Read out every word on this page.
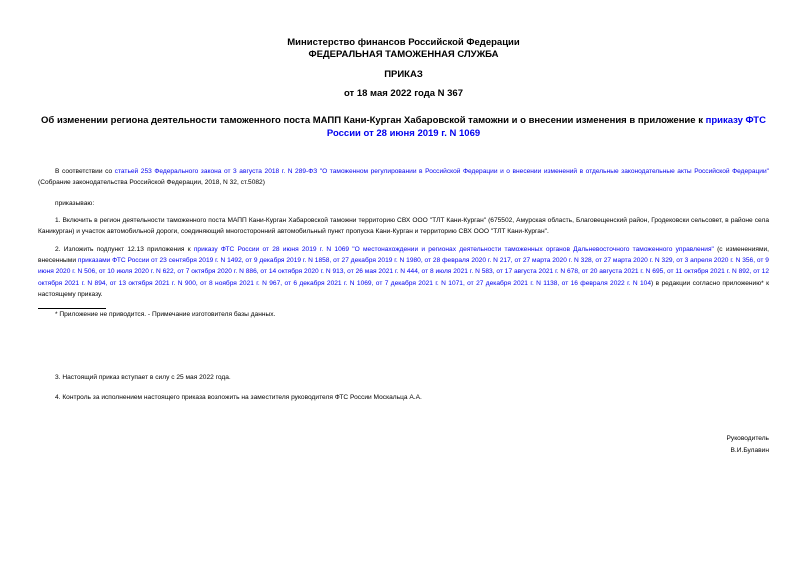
Министерство финансов Российской Федерации
ФЕДЕРАЛЬНАЯ ТАМОЖЕННАЯ СЛУЖБА
ПРИКАЗ
от 18 мая 2022 года N 367
Об изменении региона деятельности таможенного поста МАПП Кани-Курган Хабаровской таможни и о внесении изменения в приложение к приказу ФТС России от 28 июня 2019 г. N 1069
В соответствии со статьей 253 Федерального закона от 3 августа 2018 г. N 289-ФЗ "О таможенном регулировании в Российской Федерации и о внесении изменений в отдельные законодательные акты Российской Федерации" (Собрание законодательства Российской Федерации, 2018, N 32, ст.5082)
приказываю:
1. Включить в регион деятельности таможенного поста МАПП Кани-Курган Хабаровской таможни территорию СВХ ООО "ТЛТ Кани-Курган" (675502, Амурская область, Благовещенский район, Гродековски сельсовет, в районе села Каникурган) и участок автомобильной дороги, соединяющий многосторонний автомобильный пункт пропуска Кани-Курган и территорию СВХ ООО "ТЛТ Кани-Курган".
2. Изложить подпункт 12.13 приложения к приказу ФТС России от 28 июня 2019 г. N 1069 "О местонахождении и регионах деятельности таможенных органов Дальневосточного таможенного управления" (с изменениями, внесенными приказами ФТС России от 23 сентября 2019 г. N 1492, от 9 декабря 2019 г. N 1858, от 27 декабря 2019 г. N 1980, от 28 февраля 2020 г. N 217, от 27 марта 2020 г. N 328, от 27 марта 2020 г. N 329, от 3 апреля 2020 г. N 356, от 9 июня 2020 г. N 506, от 10 июля 2020 г. N 622, от 7 октября 2020 г. N 886, от 14 октября 2020 г. N 913, от 26 мая 2021 г. N 444, от 8 июля 2021 г. N 583, от 17 августа 2021 г. N 678, от 20 августа 2021 г. N 695, от 11 октября 2021 г. N 892, от 12 октября 2021 г. N 894, от 13 октября 2021 г. N 900, от 8 ноября 2021 г. N 967, от 6 декабря 2021 г. N 1069, от 7 декабря 2021 г. N 1071, от 27 декабря 2021 г. N 1138, от 16 февраля 2022 г. N 104) в редакции согласно приложению* к настоящему приказу.
* Приложение не приводится. - Примечание изготовителя базы данных.
3. Настоящий приказ вступает в силу с 25 мая 2022 года.
4. Контроль за исполнением настоящего приказа возложить на заместителя руководителя ФТС России Москальца А.А.
Руководитель
В.И.Булавин
